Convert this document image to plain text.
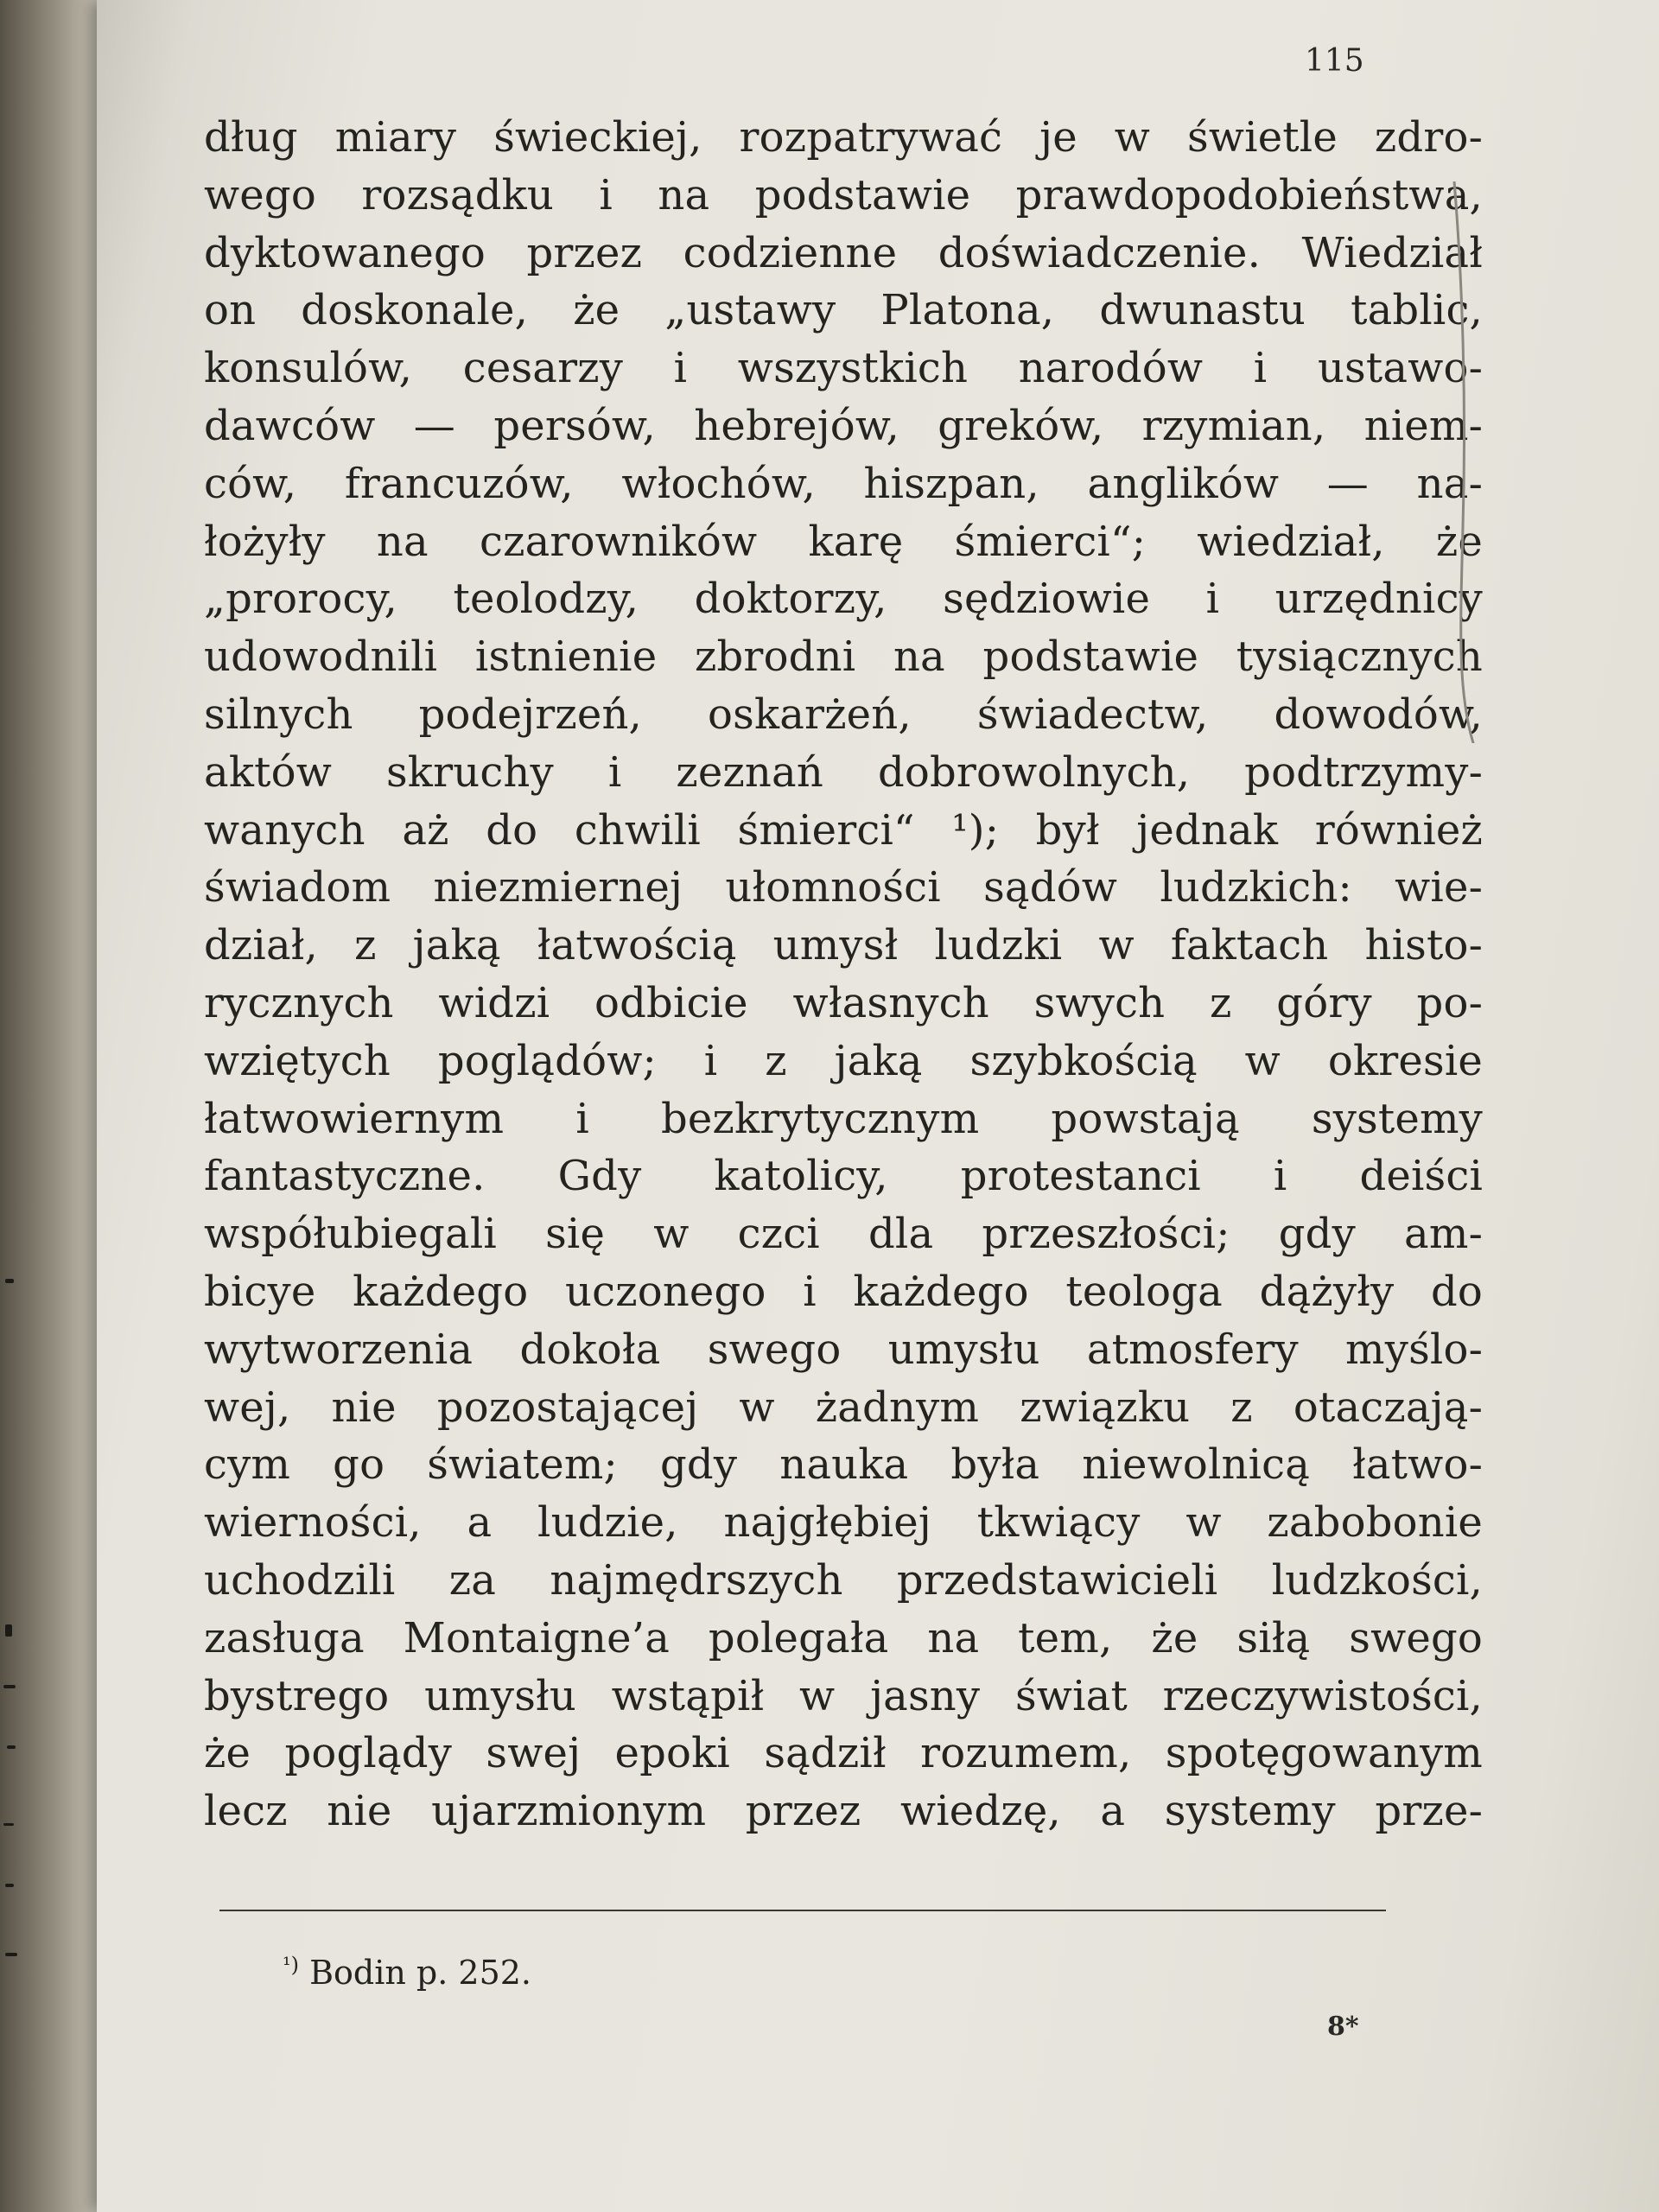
115
dług miary świeckiej, rozpatrywać je w świetle zdro-
wego rozsądku i na podstawie prawdopodobieństwa,
dyktowanego przez codzienne doświadczenie. Wiedział
on doskonale, że „ustawy Platona, dwunastu tablic,
konsulów, cesarzy i wszystkich narodów i ustawo-
dawców — persów, hebrejów, greków, rzymian, niem-
ców, francuzów, włochów, hiszpan, anglików — na-
łożyły na czarowników karę śmierci“; wiedział, że
„prorocy, teolodzy, doktorzy, sędziowie i urzędnicy
udowodnili istnienie zbrodni na podstawie tysiącznych
silnych podejrzeń, oskarżeń, świadectw, dowodów,
aktów skruchy i zeznań dobrowolnych, podtrzymy-
wanych aż do chwili śmierci“ ¹); był jednak również
świadom niezmiernej ułomności sądów ludzkich: wie-
dział, z jaką łatwością umysł ludzki w faktach histo-
rycznych widzi odbicie własnych swych z góry po-
wziętych poglądów; i z jaką szybkością w okresie
łatwowiernym i bezkrytycznym powstają systemy
fantastyczne. Gdy katolicy, protestanci i deiści
współubiegali się w czci dla przeszłości; gdy am-
bicye każdego uczonego i każdego teologa dążyły do
wytworzenia dokoła swego umysłu atmosfery myślo-
wej, nie pozostającej w żadnym związku z otaczają-
cym go światem; gdy nauka była niewolnicą łatwo-
wierności, a ludzie, najgłębiej tkwiący w zabobonie
uchodzili za najmędrszych przedstawicieli ludzkości,
zasługa Montaigne’a polegała na tem, że siłą swego
bystrego umysłu wstąpił w jasny świat rzeczywistości,
że poglądy swej epoki sądził rozumem, spotęgowanym
lecz nie ujarzmionym przez wiedzę, a systemy prze-
$^{^1)}$ Bodin p. 252.
8*
